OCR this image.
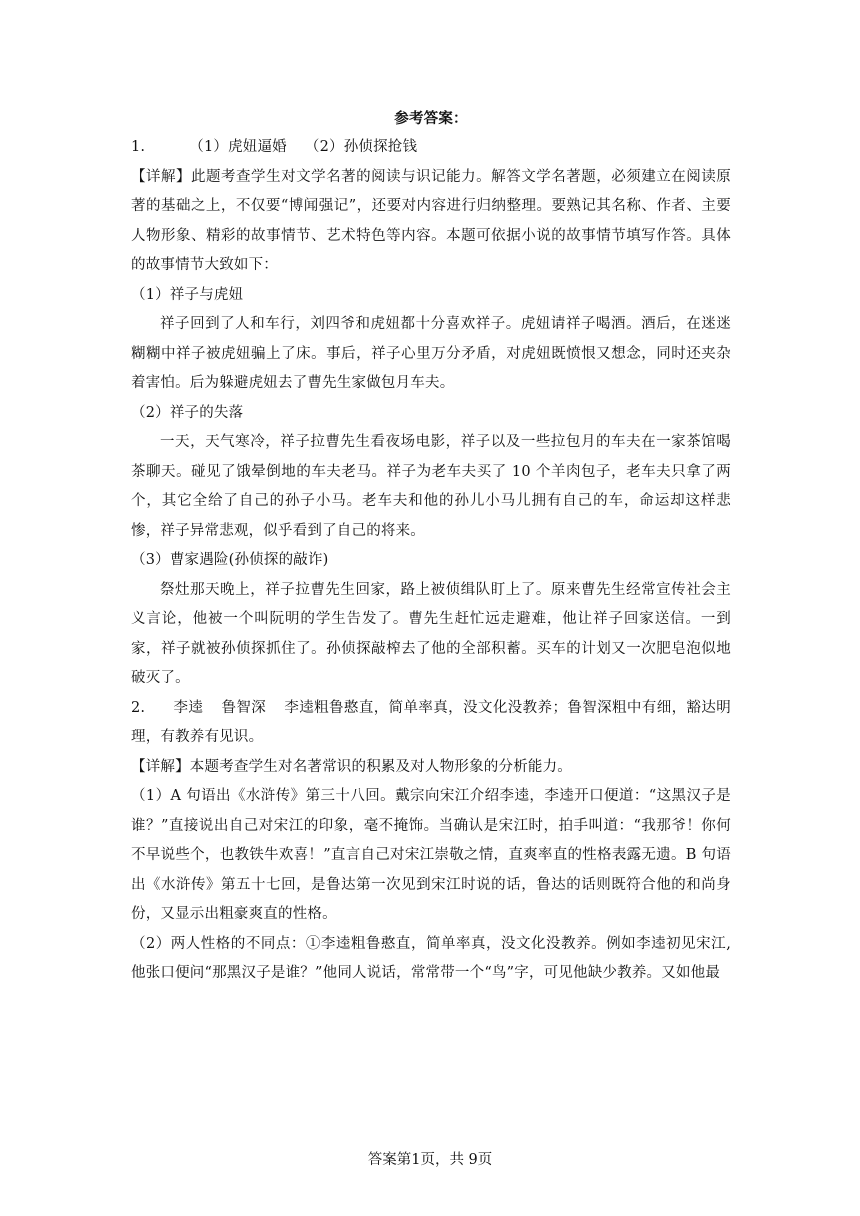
参考答案：
1.	（1）虎妞逼婚 （2）孙侦探抢钱
【详解】此题考查学生对文学名著的阅读与识记能力。解答文学名著题，必须建立在阅读原著的基础之上，不仅要“博闻强记”，还要对内容进行归纳整理。要熟记其名称、作者、主要人物形象、精彩的故事情节、艺术特色等内容。本题可依据小说的故事情节填写作答。具体的故事情节大致如下：
（1）祥子与虎妞
祥子回到了人和车行，刘四爷和虎妞都十分喜欢祥子。虎妞请祥子喝酒。酒后，在迷迷糊糊中祥子被虎妞骗上了床。事后，祥子心里万分矛盾，对虎妞既愤恨又想念，同时还夹杂着害怕。后为躲避虎妞去了曹先生家做包月车夫。
（2）祥子的失落
一天，天气寒冷，祥子拉曹先生看夜场电影，祥子以及一些拉包月的车夫在一家茶馆喝茶聊天。碰见了饿晕倒地的车夫老马。祥子为老车夫买了 10 个羊肉包子，老车夫只拿了两个，其它全给了自己的孙子小马。老车夫和他的孙儿小马儿拥有自己的车，命运却这样悲惨，祥子异常悲观，似乎看到了自己的将来。
（3）曹家遇险(孙侦探的敲诈)
祭灶那天晚上，祥子拉曹先生回家，路上被侦缉队盯上了。原来曹先生经常宣传社会主义言论，他被一个叫阮明的学生告发了。曹先生赶忙远走避难，他让祥子回家送信。一到家，祥子就被孙侦探抓住了。孙侦探敲榨去了他的全部积蓄。买车的计划又一次肥皂泡似地破灭了。
2. 李逵 鲁智深 李逵粗鲁憨直，简单率真，没文化没教养；鲁智深粗中有细，豁达明理，有教养有见识。
【详解】本题考查学生对名著常识的积累及对人物形象的分析能力。
（1）A 句语出《水浒传》第三十八回。戴宗向宋江介绍李逵，李逵开口便道：“这黑汉子是谁？”直接说出自己对宋江的印象，毫不掩饰。当确认是宋江时，拍手叫道：“我那爷！你何不早说些个，也教铁牛欢喜！”直言自己对宋江崇敬之情，直爽率直的性格表露无遗。B 句语出《水浒传》第五十七回，是鲁达第一次见到宋江时说的话，鲁达的话则既符合他的和尚身份，又显示出粗豪爽直的性格。
（2）两人性格的不同点：①李逵粗鲁憨直，简单率真，没文化没教养。例如李逵初见宋江,他张口便问“那黑汉子是谁？”他同人说话，常常带一个“鸟”字，可见他缺少教养。又如他最
答案第1页，共 9页
